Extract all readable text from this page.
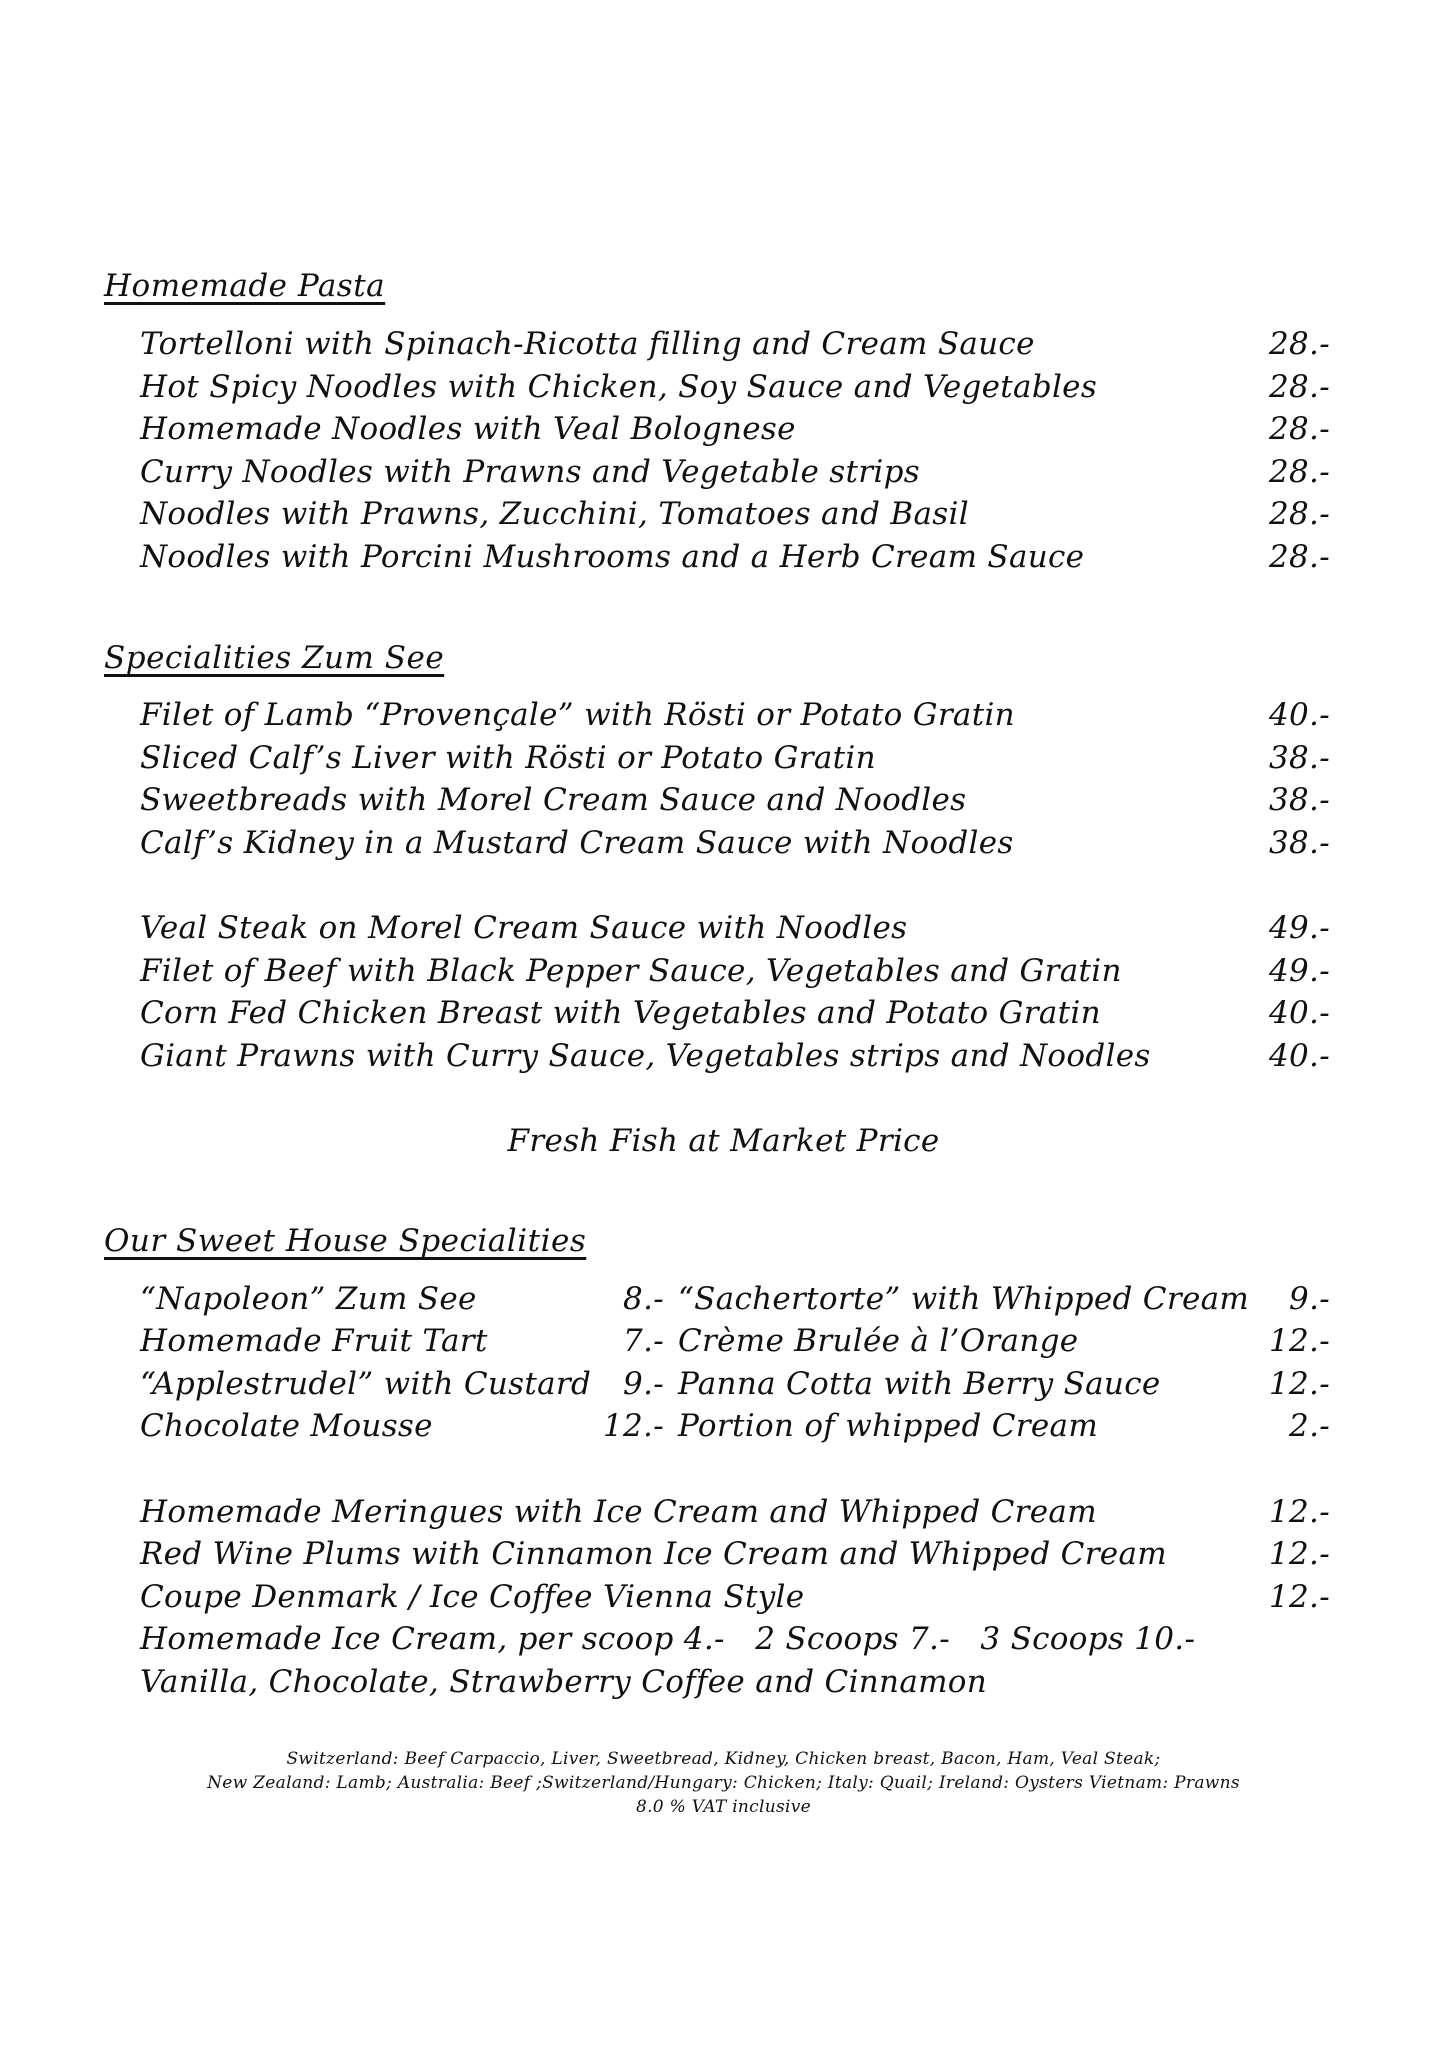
Homemade Pasta
Tortelloni with Spinach-Ricotta filling and Cream Sauce	28.-
Hot Spicy Noodles with Chicken, Soy Sauce and Vegetables	28.-
Homemade Noodles with Veal Bolognese	28.-
Curry Noodles with Prawns and Vegetable strips	28.-
Noodles with Prawns, Zucchini, Tomatoes and Basil	28.-
Noodles with Porcini Mushrooms and a Herb Cream Sauce	28.-
Specialities Zum See
Filet of Lamb “Provençale” with Rösti or Potato Gratin	40.-
Sliced Calf’s Liver with Rösti or Potato Gratin	38.-
Sweetbreads with Morel Cream Sauce and Noodles	38.-
Calf’s Kidney in a Mustard Cream Sauce with Noodles	38.-
Veal Steak on Morel Cream Sauce with Noodles	49.-
Filet of Beef with Black Pepper Sauce, Vegetables and Gratin	49.-
Corn Fed Chicken Breast with Vegetables and Potato Gratin	40.-
Giant Prawns with Curry Sauce, Vegetables strips and Noodles	40.-
Fresh Fish at Market Price
Our Sweet House Specialities
“Napoleon” Zum See	8.- “Sachertorte” with Whipped Cream 9.-
Homemade Fruit Tart	7.- Crème Brulée à l’Orange	12.-
“Applestrudel” with Custard 9.- Panna Cotta with Berry Sauce	12.-
Chocolate Mousse	12.- Portion of whipped Cream	2.-
Homemade Meringues with Ice Cream and Whipped Cream	12.-
Red Wine Plums with Cinnamon Ice Cream and Whipped Cream	12.-
Coupe Denmark / Ice Coffee Vienna Style	12.-
Homemade Ice Cream, per scoop 4.-   2 Scoops 7.-   3 Scoops 10.-
Vanilla, Chocolate, Strawberry Coffee and Cinnamon
Switzerland: Beef Carpaccio, Liver, Sweetbread, Kidney, Chicken breast, Bacon, Ham, Veal Steak;
New Zealand: Lamb; Australia: Beef ;Switzerland/Hungary: Chicken; Italy: Quail; Ireland: Oysters Vietnam: Prawns
8.0 % VAT inclusive
